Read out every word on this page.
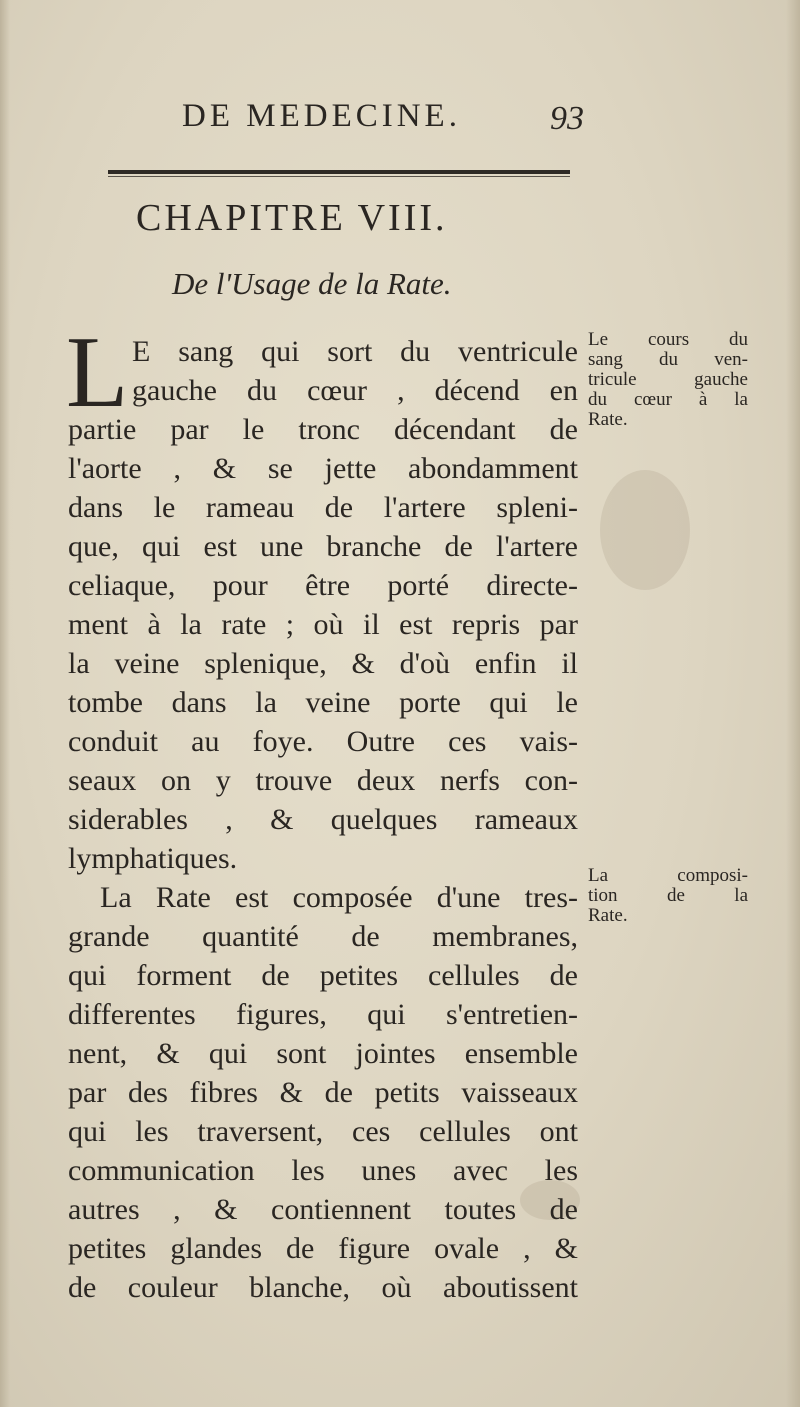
DE MEDECINE.	93
CHAPITRE VIII.
De l'Usage de la Rate.
L E sang qui sort du ventricule
gauche du cœur , décend en
partie par le tronc décendant de
l'aorte , & se jette abondamment
dans le rameau de l'artere spleni-
que, qui est une branche de l'artere
celiaque, pour être porté directe-
ment à la rate ; où il est repris par
la veine splenique, & d'où enfin il
tombe dans la veine porte qui le
conduit au foye. Outre ces vais-
seaux on y trouve deux nerfs con-
siderables , & quelques rameaux
lymphatiques.
La Rate est composée d'une tres-
grande quantité de membranes,
qui forment de petites cellules de
differentes figures, qui s'entretien-
nent, & qui sont jointes ensemble
par des fibres & de petits vaisseaux
qui les traversent, ces cellules ont
communication les unes avec les
autres , & contiennent toutes de
petites glandes de figure ovale , &
de couleur blanche, où aboutissent
Le cours du
sang du ven-
tricule gauche
du cœur à la
Rate.
La composi-
tion de la
Rate.
